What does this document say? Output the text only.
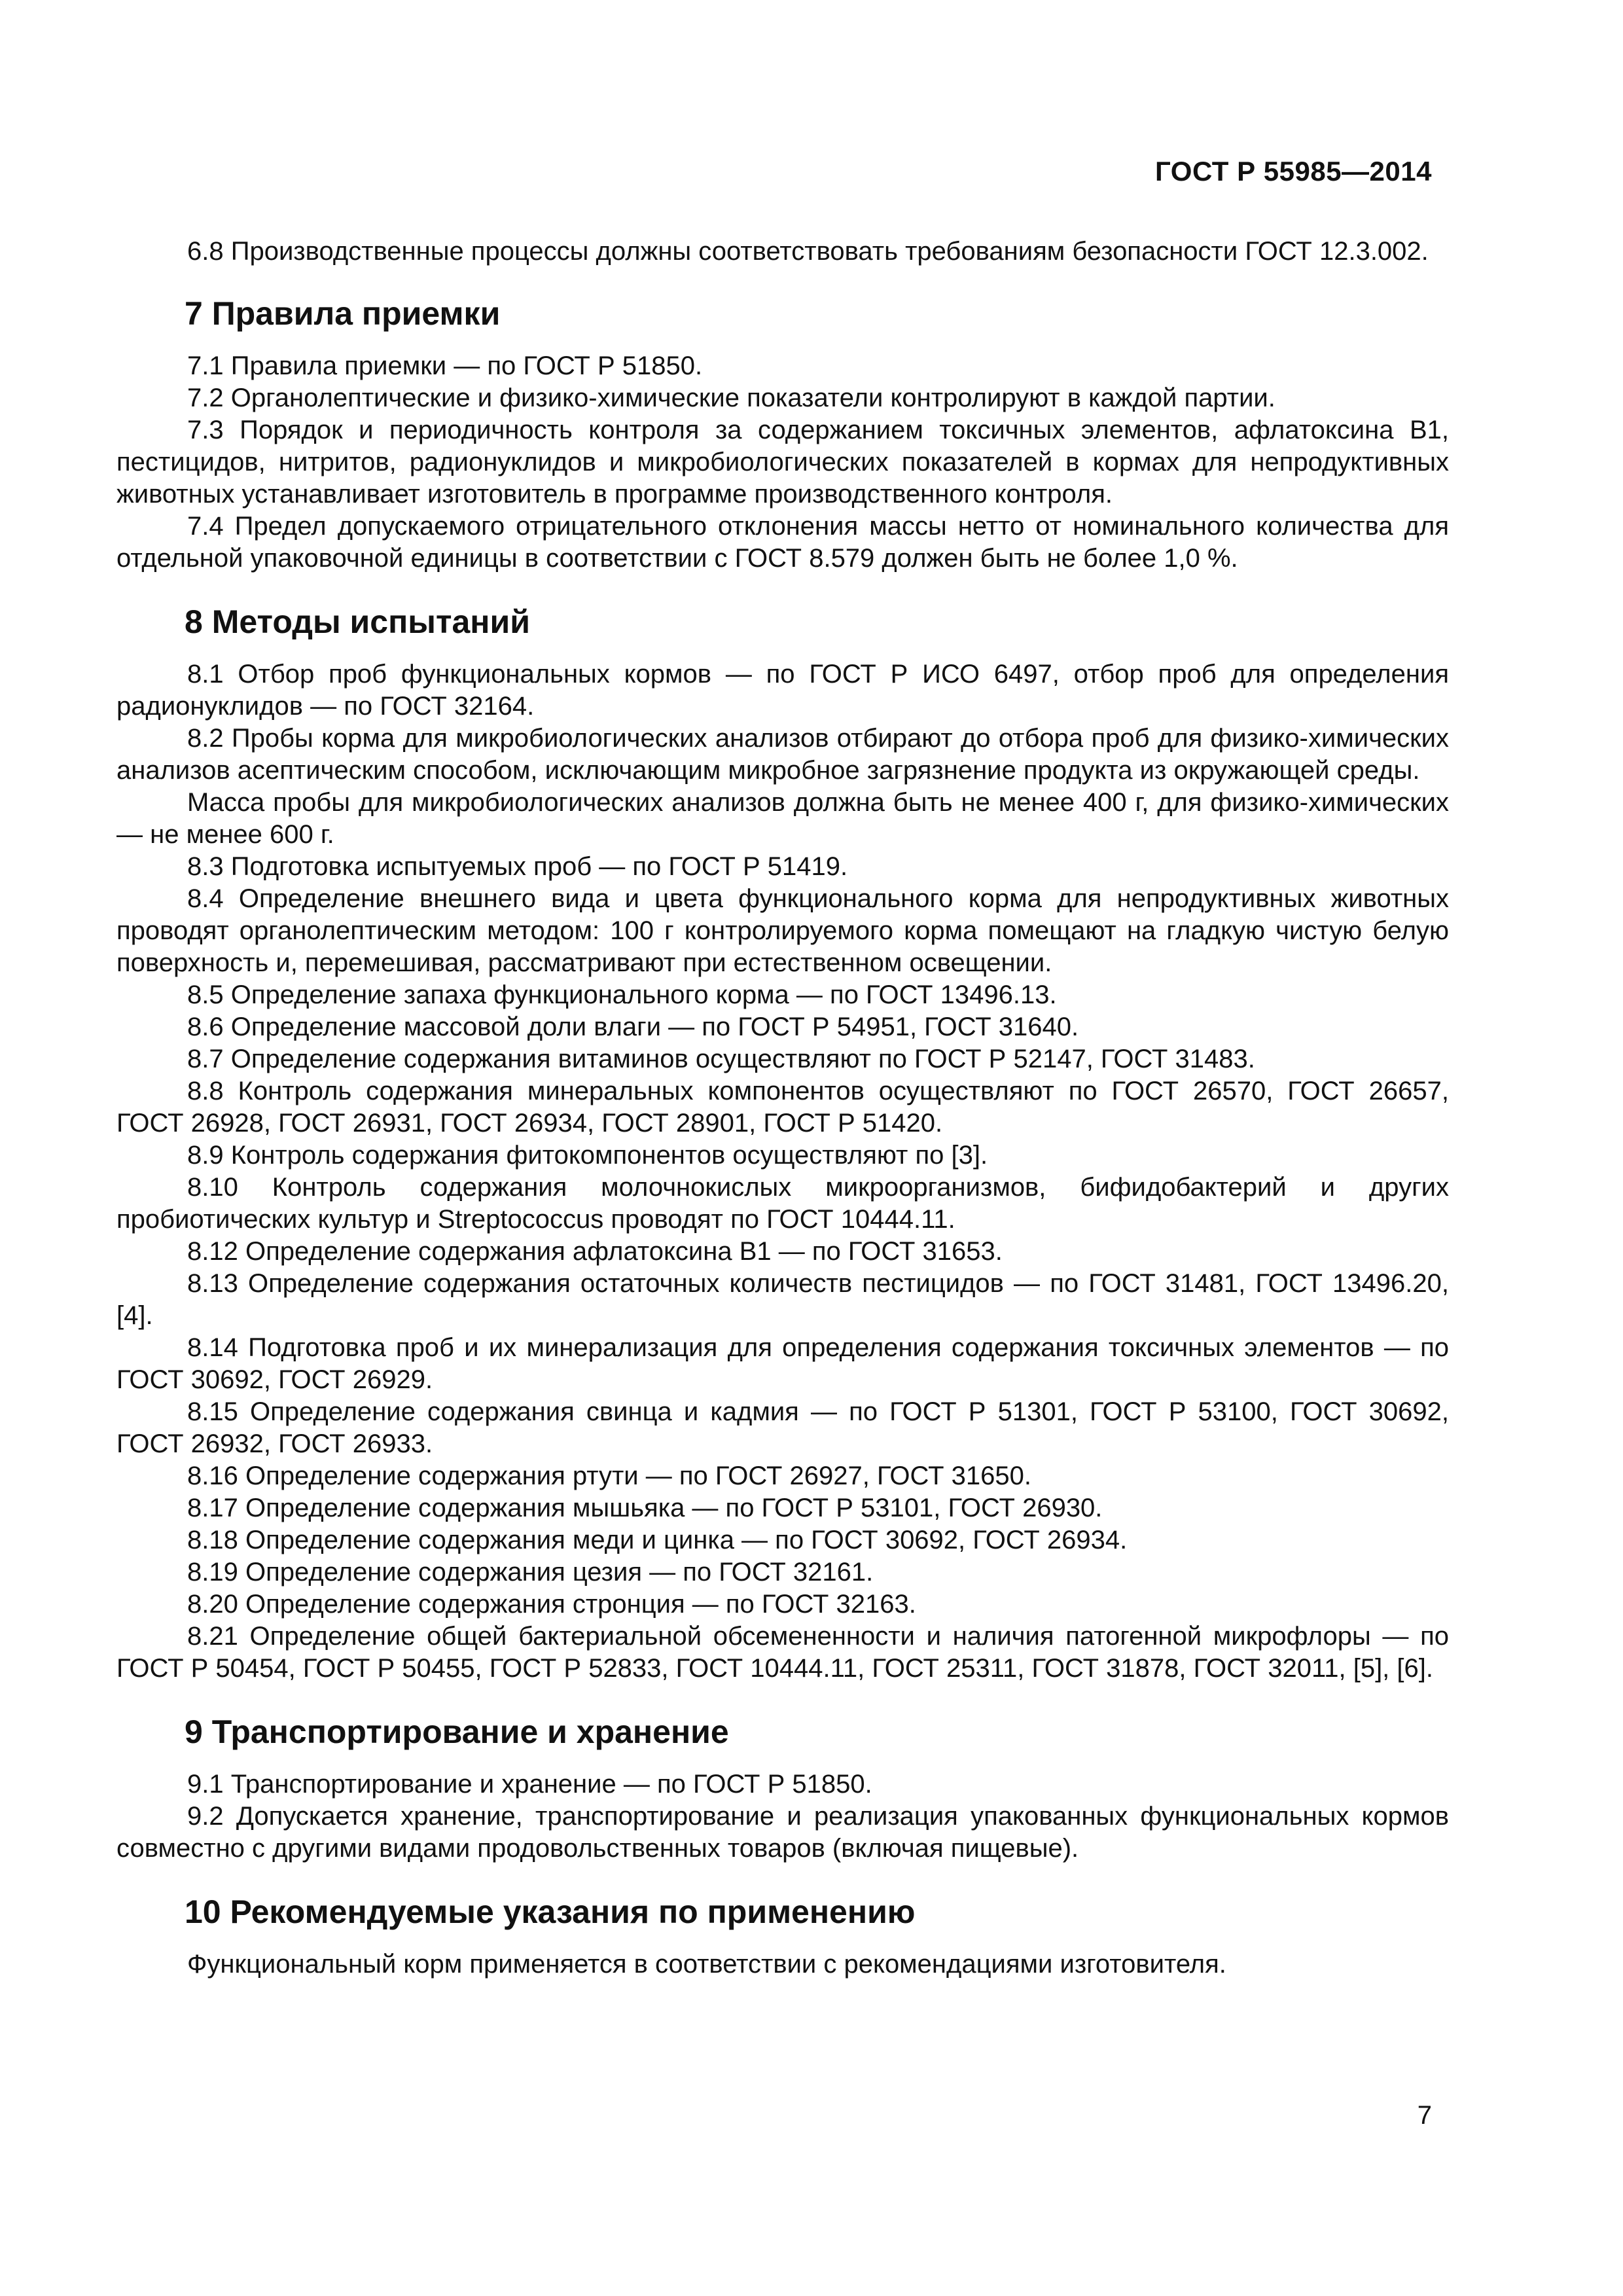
ГОСТ Р 55985—2014

6.8 Производственные процессы должны соответствовать требованиям безопасности ГОСТ 12.3.002.

7 Правила приемки

7.1 Правила приемки — по ГОСТ Р 51850.

7.2 Органолептические и физико-химические показатели контролируют в каждой партии.

7.3 Порядок и периодичность контроля за содержанием токсичных элементов, афлатоксина В1, пестицидов, нитритов, радионуклидов и микробиологических показателей в кормах для непродуктивных животных устанавливает изготовитель в программе производственного контроля.

7.4 Предел допускаемого отрицательного отклонения массы нетто от номинального количества для отдельной упаковочной единицы в соответствии с ГОСТ 8.579 должен быть не более 1,0 %.

8 Методы испытаний

8.1 Отбор проб функциональных кормов — по ГОСТ Р ИСО 6497, отбор проб для определения радионуклидов — по ГОСТ 32164.

8.2 Пробы корма для микробиологических анализов отбирают до отбора проб для физико-химических анализов асептическим способом, исключающим микробное загрязнение продукта из окружающей среды.

Масса пробы для микробиологических анализов должна быть не менее 400 г, для физико-химических — не менее 600 г.

8.3 Подготовка испытуемых проб — по ГОСТ Р 51419.

8.4 Определение внешнего вида и цвета функционального корма для непродуктивных животных проводят органолептическим методом: 100 г контролируемого корма помещают на гладкую чистую белую поверхность и, перемешивая, рассматривают при естественном освещении.

8.5 Определение запаха функционального корма — по ГОСТ 13496.13.

8.6 Определение массовой доли влаги — по ГОСТ Р 54951, ГОСТ 31640.

8.7 Определение содержания витаминов осуществляют по ГОСТ Р 52147, ГОСТ 31483.

8.8 Контроль содержания минеральных компонентов осуществляют по ГОСТ 26570, ГОСТ 26657, ГОСТ 26928, ГОСТ 26931, ГОСТ 26934, ГОСТ 28901, ГОСТ Р 51420.

8.9 Контроль содержания фитокомпонентов осуществляют по [3].

8.10 Контроль содержания молочнокислых микроорганизмов, бифидобактерий и других пробиотических культур и Streptococcus проводят по ГОСТ 10444.11.

8.12 Определение содержания афлатоксина В1 — по ГОСТ 31653.

8.13 Определение содержания остаточных количеств пестицидов — по ГОСТ 31481, ГОСТ 13496.20, [4].

8.14 Подготовка проб и их минерализация для определения содержания токсичных элементов — по ГОСТ 30692, ГОСТ 26929.

8.15 Определение содержания свинца и кадмия — по ГОСТ Р 51301, ГОСТ Р 53100, ГОСТ 30692, ГОСТ 26932, ГОСТ 26933.

8.16 Определение содержания ртути — по ГОСТ 26927, ГОСТ 31650.

8.17 Определение содержания мышьяка — по ГОСТ Р 53101, ГОСТ 26930.

8.18 Определение содержания меди и цинка — по ГОСТ 30692, ГОСТ 26934.

8.19 Определение содержания цезия — по ГОСТ 32161.

8.20 Определение содержания стронция — по ГОСТ 32163.

8.21 Определение общей бактериальной обсемененности и наличия патогенной микрофлоры — по ГОСТ Р 50454, ГОСТ Р 50455, ГОСТ Р 52833, ГОСТ 10444.11, ГОСТ 25311, ГОСТ 31878, ГОСТ 32011, [5], [6].

9 Транспортирование и хранение

9.1 Транспортирование и хранение — по ГОСТ Р 51850.

9.2 Допускается хранение, транспортирование и реализация упакованных функциональных кормов совместно с другими видами продовольственных товаров (включая пищевые).

10 Рекомендуемые указания по применению

Функциональный корм применяется в соответствии с рекомендациями изготовителя.

7
